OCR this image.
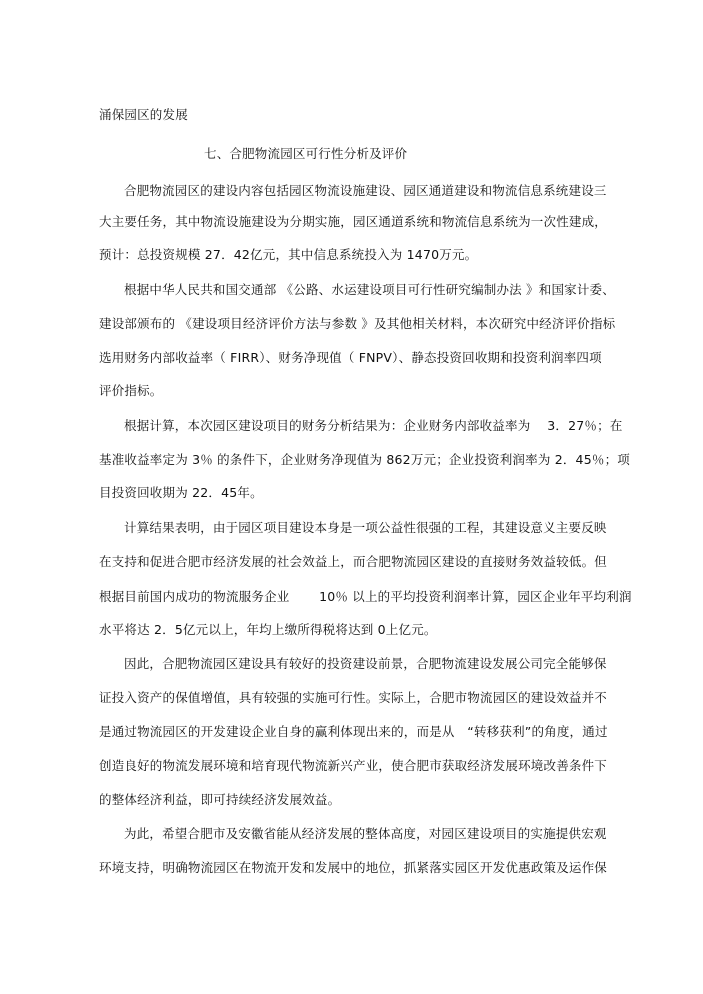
涌保园区的发展
七、合肥物流园区可行性分析及评价
合肥物流园区的建设内容包括园区物流设施建设、园区通道建设和物流信息系统建设三
大主要任务，其中物流设施建设为分期实施，园区通道系统和物流信息系统为一次性建成，
预计：总投资规模 27．42亿元，其中信息系统投入为 1470万元。
根据中华人民共和国交通部 《公路、水运建设项目可行性研究编制办法 》和国家计委、
建设部颁布的 《建设项目经济评价方法与参数 》及其他相关材料，本次研究中经济评价指标
选用财务内部收益率（ FIRR）、财务净现值（ FNPV）、静态投资回收期和投资利润率四项
评价指标。
根据计算，本次园区建设项目的财务分析结果为：企业财务内部收益率为　 3．27％；在
基准收益率定为 3％ 的条件下，企业财务净现值为 862万元；企业投资利润率为 2．45％；项
目投资回收期为 22．45年。
计算结果表明，由于园区项目建设本身是一项公益性很强的工程，其建设意义主要反映
在支持和促进合肥市经济发展的社会效益上，而合肥物流园区建设的直接财务效益较低。但
根据目前国内成功的物流服务企业　　 10％ 以上的平均投资利润率计算，园区企业年平均利润
水平将达 2．5亿元以上，年均上缴所得税将达到 0上亿元。
因此，合肥物流园区建设具有较好的投资建设前景，合肥物流建设发展公司完全能够保
证投入资产的保值增值，具有较强的实施可行性。实际上，合肥市物流园区的建设效益并不
是通过物流园区的开发建设企业自身的赢利体现出来的，而是从　“转移获利”的角度，通过
创造良好的物流发展环境和培育现代物流新兴产业，使合肥市获取经济发展环境改善条件下
的整体经济利益，即可持续经济发展效益。
为此，希望合肥市及安徽省能从经济发展的整体高度，对园区建设项目的实施提供宏观
环境支持，明确物流园区在物流开发和发展中的地位，抓紧落实园区开发优惠政策及运作保
